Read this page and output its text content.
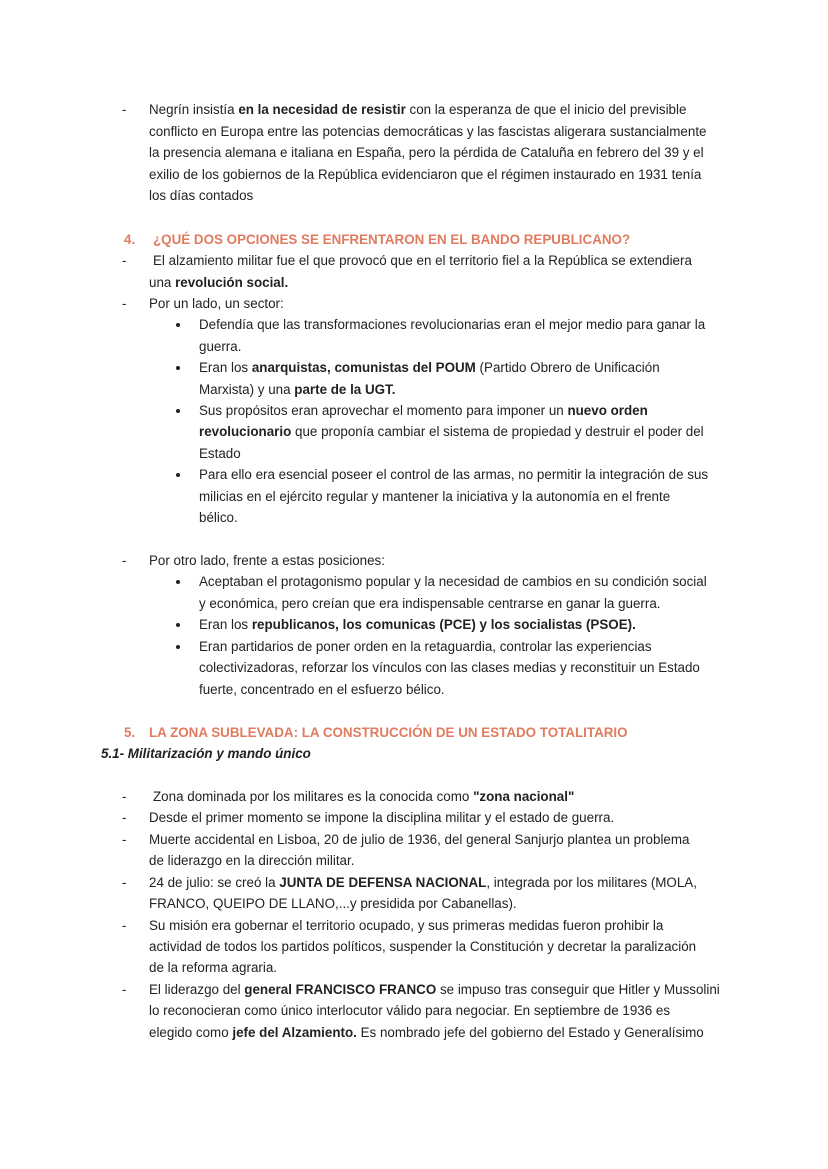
- Negrín insistía en la necesidad de resistir con la esperanza de que el inicio del previsible
conflicto en Europa entre las potencias democráticas y las fascistas aligerara sustancialmente
la presencia alemana e italiana en España, pero la pérdida de Cataluña en febrero del 39 y el
exilio de los gobiernos de la República evidenciaron que el régimen instaurado en 1931 tenía
los días contados
4. ¿QUÉ DOS OPCIONES SE ENFRENTARON EN EL BANDO REPUBLICANO?
- El alzamiento militar fue el que provocó que en el territorio fiel a la República se extendiera
una revolución social.
- Por un lado, un sector:
Defendía que las transformaciones revolucionarias eran el mejor medio para ganar la
guerra.
Eran los anarquistas, comunistas del POUM (Partido Obrero de Unificación
Marxista) y una parte de la UGT.
Sus propósitos eran aprovechar el momento para imponer un nuevo orden
revolucionario que proponía cambiar el sistema de propiedad y destruir el poder del
Estado
Para ello era esencial poseer el control de las armas, no permitir la integración de sus
milicias en el ejército regular y mantener la iniciativa y la autonomía en el frente
bélico.
- Por otro lado, frente a estas posiciones:
Aceptaban el protagonismo popular y la necesidad de cambios en su condición social
y económica, pero creían que era indispensable centrarse en ganar la guerra.
Eran los republicanos, los comunicas (PCE) y los socialistas (PSOE).
Eran partidarios de poner orden en la retaguardia, controlar las experiencias
colectivizadoras, reforzar los vínculos con las clases medias y reconstituir un Estado
fuerte, concentrado en el esfuerzo bélico.
5. LA ZONA SUBLEVADA: LA CONSTRUCCIÓN DE UN ESTADO TOTALITARIO
5.1- Militarización y mando único
- Zona dominada por los militares es la conocida como "zona nacional"
- Desde el primer momento se impone la disciplina militar y el estado de guerra.
- Muerte accidental en Lisboa, 20 de julio de 1936, del general Sanjurjo plantea un problema
de liderazgo en la dirección militar.
- 24 de julio: se creó la JUNTA DE DEFENSA NACIONAL, integrada por los militares (MOLA,
FRANCO, QUEIPO DE LLANO,...y presidida por Cabanellas).
- Su misión era gobernar el territorio ocupado, y sus primeras medidas fueron prohibir la
actividad de todos los partidos políticos, suspender la Constitución y decretar la paralización
de la reforma agraria.
- El liderazgo del general FRANCISCO FRANCO se impuso tras conseguir que Hitler y Mussolini
lo reconocieran como único interlocutor válido para negociar. En septiembre de 1936 es
elegido como jefe del Alzamiento. Es nombrado jefe del gobierno del Estado y Generalísimo
